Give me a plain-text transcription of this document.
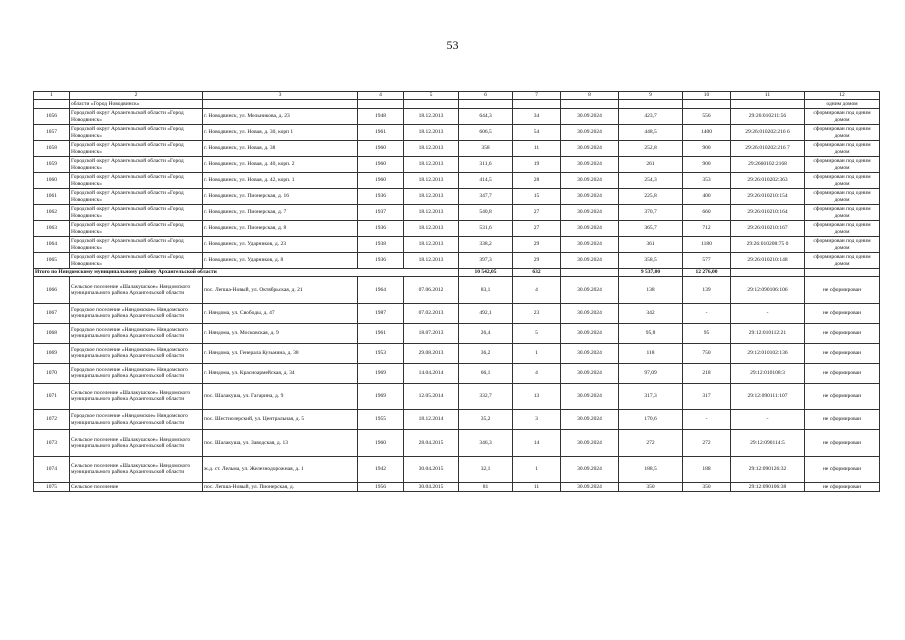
53
1	2	3	4	5	6	7	8	9	10	11	12
	области «Город Новодвинск»										одним домом
1056	Городской округ Архангельской области «Город Новодвинск»	г. Новодвинск, ул. Мельникова, д. 23	1948	18.12.2013	644,3	34	30.09.2024	423,7	556	29:26:010211:56	сформирован под одним домом
1057	Городской округ Архангельской области «Город Новодвинск»	г. Новодвинск, ул. Новая, д. 30, корп 1	1961	18.12.2013	606,5	54	30.09.2024	448,5	1400	29:26:010202:216 6	сформирован под одним домом
1058	Городской округ Архангельской области «Город Новодвинск»	г. Новодвинск, ул. Новая, д. 38	1960	18.12.2013	358	11	30.09.2024	252,8	900	29:26:010202:216 7	сформирован под одним домом
1059	Городской округ Архангельской области «Город Новодвинск»	г. Новодвинск, ул. Новая, д. 40, корп. 2	1960	18.12.2013	311,6	19	30.09.2024	261	900	29:2660102:2168	сформирован под одним домом
1060	Городской округ Архангельской области «Город Новодвинск»	г. Новодвинск, ул. Новая, д. 42, корп. 1	1960	18.12.2013	414,5	28	30.09.2024	254,3	353	29:26:010202:363	сформирован под одним домом
1061	Городской округ Архангельской области «Город Новодвинск»	г. Новодвинск, ул. Пионерская, д. 16	1936	18.12.2013	347,7	15	30.09.2024	225,8	400	29:26:010210:154	сформирован под одним домом
1062	Городской округ Архангельской области «Город Новодвинск»	г. Новодвинск, ул. Пионерская, д. 7	1937	18.12.2013	540,8	27	30.09.2024	370,7	660	29:26:010210:164	сформирован под одним домом
1063	Городской округ Архангельской области «Город Новодвинск»	г. Новодвинск, ул. Пионерская, д. 8	1936	18.12.2013	531,6	27	30.09.2024	365,7	712	29:26:010210:167	сформирован под одним домом
1064	Городской округ Архангельской области «Город Новодвинск»	г. Новодвинск, ул. Ударников, д. 23	1938	18.12.2013	338,2	29	30.09.2024	361	1180	29:26:010208:75 0	сформирован под одним домом
1065	Городской округ Архангельской области «Город Новодвинск»	г. Новодвинск, ул. Ударников, д. 8	1936	18.12.2013	397,3	29	30.09.2024	358,5	577	29:26:010210:148	сформирован под одним домом
Итого по Няндомскому муниципальному району Архангельской области					10 542,05	632		9 537,00	12 276,00		
1066	Сельское поселение «Шалакушское» Няндомского муниципального района Архангельской области	пос. Лепша-Новый, ул. Октябрьская, д. 21	1964	07.06.2012	83,1	4	30.09.2024	138	139	29:12:090106:106	не сформирован
1067	Городское поселение «Няндомское» Няндомского муниципального района Архангельской области	г. Няндома, ул. Свободы, д. 47	1987	07.02.2013	492,1	23	30.09.2024	342	-	-	не сформирован
1068	Городское поселение «Няндомское» Няндомского муниципального района Архангельской области	г. Няндома, ул. Московская, д. 9	1961	18.07.2013	26,4	5	30.09.2024	95,8	95	29:12:010112:21	не сформирован
1069	Городское поселение «Няндомское» Няндомского муниципального района Архангельской области	г. Няндома, ул. Генерала Кузьмина, д. 38	1953	29.08.2013	36,2	1	30.09.2024	118	750	29:12:010102:136	не сформирован
1070	Городское поселение «Няндомское» Няндомского муниципального района Архангельской области	г. Няндома, ул. Красноармейская, д. 34	1969	14.04.2014	66,1	4	30.09.2024	97,09	218	29:12:010108:3	не сформирован
1071	Сельское поселение «Шалакушское» Няндомского муниципального района Архангельской области	пос. Шалакуша, ул. Гагарина, д. 9	1969	12.05.2014	332,7	13	30.09.2024	317,3	317	29:12:090111:107	не сформирован
1072	Городское поселение «Няндомское» Няндомского муниципального района Архангельской области	пос. Шестиозерский, ул. Центральная, д. 5	1955	18.12.2014	35,2	3	30.09.2024	170,6	-	-	не сформирован
1073	Сельское поселение «Шалакушское» Няндомского муниципального района Архангельской области	пос. Шалакуша, ул. Заводская, д. 13	1960	28.04.2015	346,3	14	30.09.2024	272	272	29:12:090114:5	не сформирован
1074	Сельское поселение «Шалакушское» Няндомского муниципального района Архангельской области	ж.д. ст. Лельма, ул. Железнодорожная, д. 1	1942	30.04.2015	32,1	1	30.09.2024	188,5	188	29:12:090126:32	не сформирован
1075	Сельское поселение	пос. Лепша-Новый, ул. Пионерская, д.	1956	30.04.2015	81	11	30.09.2024	350	350	29:12:090106:38	не сформирован
